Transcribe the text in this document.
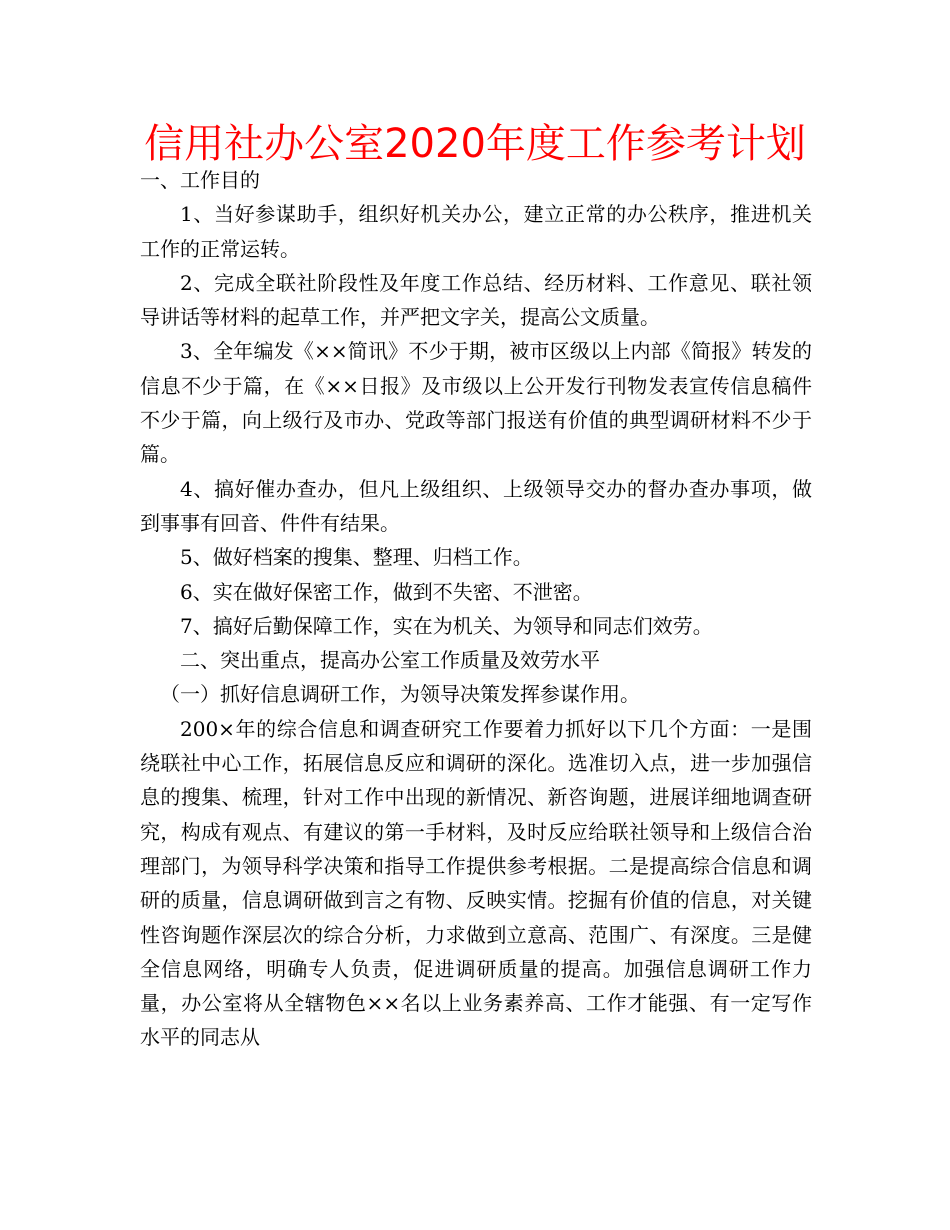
信用社办公室2020年度工作参考计划

一、工作目的

1、当好参谋助手，组织好机关办公，建立正常的办公秩序，推进机关工作的正常运转。

2、完成全联社阶段性及年度工作总结、经历材料、工作意见、联社领导讲话等材料的起草工作，并严把文字关，提高公文质量。

3、全年编发《××简讯》不少于期，被市区级以上内部《简报》转发的信息不少于篇，在《××日报》及市级以上公开发行刊物发表宣传信息稿件不少于篇，向上级行及市办、党政等部门报送有价值的典型调研材料不少于篇。

4、搞好催办查办，但凡上级组织、上级领导交办的督办查办事项，做到事事有回音、件件有结果。

5、做好档案的搜集、整理、归档工作。

6、实在做好保密工作，做到不失密、不泄密。

7、搞好后勤保障工作，实在为机关、为领导和同志们效劳。

二、突出重点，提高办公室工作质量及效劳水平

（一）抓好信息调研工作，为领导决策发挥参谋作用。

200×年的综合信息和调查研究工作要着力抓好以下几个方面：一是围绕联社中心工作，拓展信息反应和调研的深化。选准切入点，进一步加强信息的搜集、梳理，针对工作中出现的新情况、新咨询题，进展详细地调查研究，构成有观点、有建议的第一手材料，及时反应给联社领导和上级信合治理部门，为领导科学决策和指导工作提供参考根据。二是提高综合信息和调研的质量，信息调研做到言之有物、反映实情。挖掘有价值的信息，对关键性咨询题作深层次的综合分析，力求做到立意高、范围广、有深度。三是健全信息网络，明确专人负责，促进调研质量的提高。加强信息调研工作力量，办公室将从全辖物色××名以上业务素养高、工作才能强、有一定写作水平的同志从
